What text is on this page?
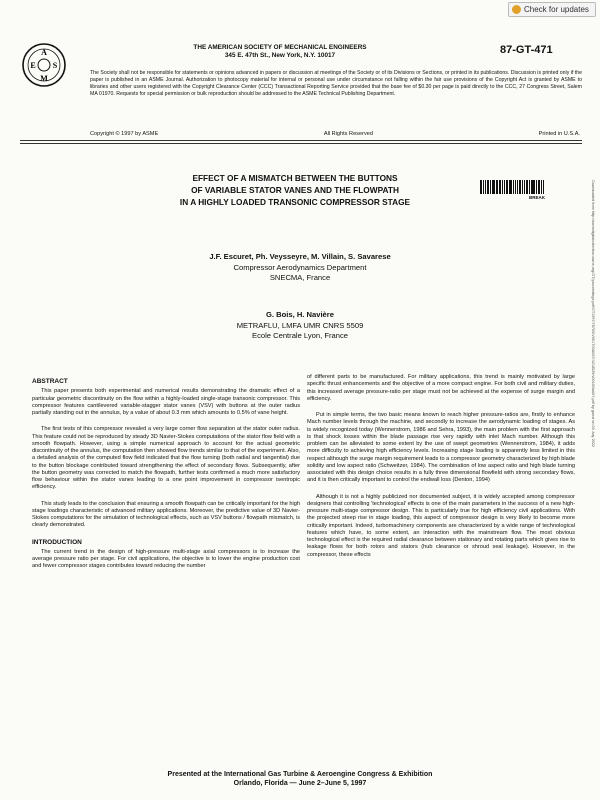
Check for updates
A
E S
M
THE AMERICAN SOCIETY OF MECHANICAL ENGINEERS
345 E. 47th St., New York, N.Y. 10017	87-GT-471

The Society shall not be responsible for statements or opinions advanced in papers or discussion at meetings of the Society or of its Divisions or Sections, or printed in its publications. Discussion is printed only if the paper is published in an ASME Journal. Authorization to photocopy material for internal or personal use under circumstance not falling within the fair use provisions of the Copyright Act is granted by ASME to libraries and other users registered with the Copyright Clearance Center (CCC) Transactional Reporting Service provided that the base fee of $0.30 per page is paid directly to the CCC, 27 Congress Street, Salem MA 01970. Requests for special permission or bulk reproduction should be addressed to the ASME Technical Publishing Department.

Copyright © 1997 by ASME	All Rights Reserved	Printed in U.S.A.
EFFECT OF A MISMATCH BETWEEN THE BUTTONS
OF VARIABLE STATOR VANES AND THE FLOWPATH
IN A HIGHLY LOADED TRANSONIC COMPRESSOR STAGE	BREAK	Downloaded from http://asmedigitalcollection.asme.org/GT/proceedings-pdf/GT1997/78705/V001T03A067/4218539/v001t03a067.pdf by guest on 03 July 2022
J.F. Escuret, Ph. Veysseyre, M. Villain, S. Savarese
Compressor Aerodynamics Department
SNECMA, France
G. Bois, H. Navière
METRAFLU, LMFA UMR CNRS 5509
Ecole Centrale Lyon, France
ABSTRACT

This paper presents both experimental and numerical results demonstrating the dramatic effect of a particular geometric discontinuity on the flow within a highly-loaded single-stage transonic compressor. This compressor features cantilevered variable-stagger stator vanes (VSV) with buttons at the outer radius partially standing out in the annulus, by a value of about 0.3 mm which amounts to 0.5% of vane height.

The first tests of this compressor revealed a very large corner flow separation at the stator outer radius. This feature could not be reproduced by steady 3D Navier-Stokes computations of the stator flow field with a smooth flowpath. However, using a simple numerical approach to account for the actual geometric discontinuity of the annulus, the computation then showed flow trends similar to that of the experiment. Also, a detailed analysis of the computed flow field indicated that the flow turning (both radial and tangential) due to the button blockage contributed toward strengthening the effect of secondary flows. Subsequently, after the button geometry was corrected to match the flowpath, further tests confirmed a much more satisfactory flow behaviour within the stator vanes leading to a one point improvement in compressor isentropic efficiency.

This study leads to the conclusion that ensuring a smooth flowpath can be critically important for the high stage loadings characteristic of advanced military applications. Moreover, the predictive value of 3D Navier-Stokes computations for the simulation of technological effects, such as VSV buttons / flowpath mismatch, is clearly demonstrated.

INTRODUCTION

The current trend in the design of high-pressure multi-stage axial compressors is to increase the average pressure ratio per stage. For civil applications, the objective is to lower the engine production cost and fewer compressor stages contributes toward reducing the number

of different parts to be manufactured. For military applications, this trend is mainly motivated by large specific thrust enhancements and the objective of a more compact engine. For both civil and military duties, this increased average pressure-ratio per stage must not be achieved at the expense of surge margin and efficiency.

Put in simple terms, the two basic means known to reach higher pressure-ratios are, firstly to enhance Mach number levels through the machine, and secondly to increase the aerodynamic loading of stages. As is widely recognized today (Wennerstrom, 1986 and Sehra, 1993), the main problem with the first approach is that shock losses within the blade passage rise very rapidly with inlet Mach number. Although this problem can be alleviated to some extent by the use of swept geometries (Wennerstrom, 1984), it adds more difficulty to achieving high efficiency levels. Increasing stage loading is apparently less limited in this respect although the surge margin requirement leads to a compressor geometry characterized by high blade solidity and low aspect ratio (Schweitzer, 1984). The combination of low aspect ratio and high blade turning associated with this design choice results in a fully three dimensional flowfield with strong secondary flows, and it is then critically important to control the endwall loss (Denton, 1994)

Although it is not a highly publicized nor documented subject, it is widely accepted among compressor designers that controlling 'technological' effects is one of the main parameters in the success of a new high-pressure multi-stage compressor design. This is particularly true for high efficiency civil applications. With the projected steep rise in stage loading, this aspect of compressor design is very likely to become more critically important. Indeed, turbomachinery components are characterized by a wide range of technological features which have, to some extent, an interaction with the mainstream flow. The most obvious technological effect is the required radial clearance between stationary and rotating parts which gives rise to leakage flows for both rotors and stators (hub clearance or shroud seal leakage). However, in the compressor, these effects

Presented at the International Gas Turbine & Aeroengine Congress & Exhibition
Orlando, Florida — June 2–June 5, 1997
